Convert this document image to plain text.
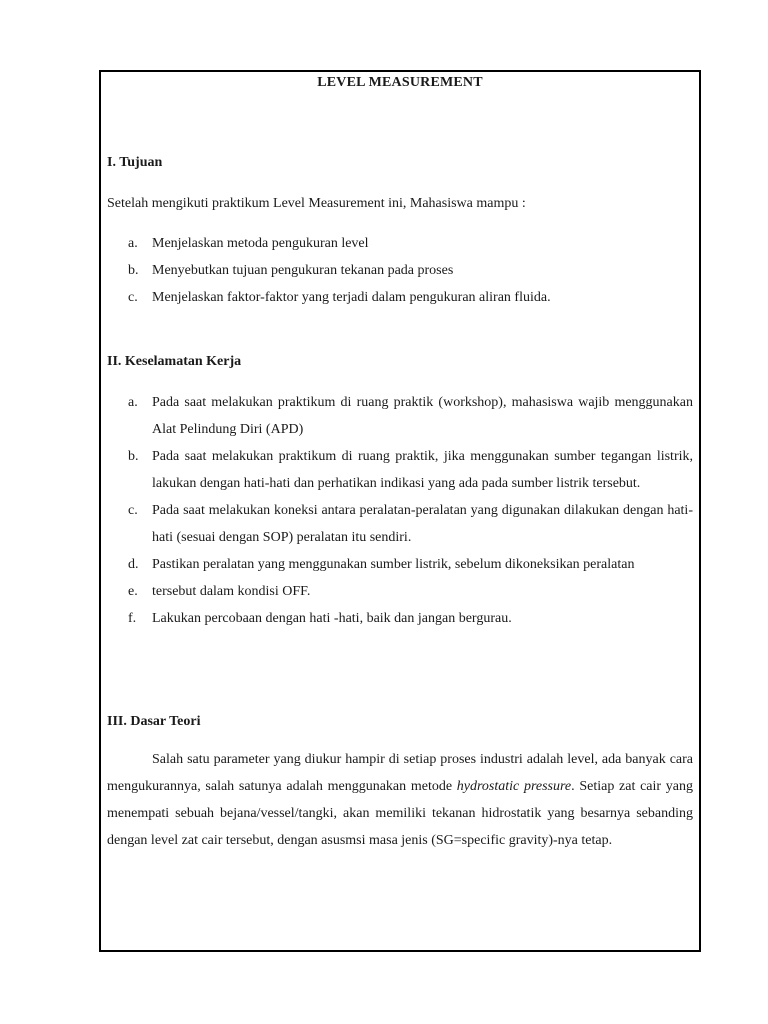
LEVEL MEASUREMENT
I. Tujuan
Setelah mengikuti praktikum Level Measurement ini, Mahasiswa mampu :
a. Menjelaskan metoda pengukuran level
b. Menyebutkan tujuan pengukuran tekanan pada proses
c. Menjelaskan faktor-faktor yang terjadi dalam pengukuran aliran fluida.
II. Keselamatan Kerja
a. Pada saat melakukan praktikum di ruang praktik (workshop), mahasiswa wajib menggunakan Alat Pelindung Diri (APD)
b. Pada saat melakukan praktikum di ruang praktik, jika menggunakan sumber tegangan listrik, lakukan dengan hati-hati dan perhatikan indikasi yang ada pada sumber listrik tersebut.
c. Pada saat melakukan koneksi antara peralatan-peralatan yang digunakan dilakukan dengan hati-hati (sesuai dengan SOP) peralatan itu sendiri.
d. Pastikan peralatan yang menggunakan sumber listrik, sebelum dikoneksikan peralatan
e. tersebut dalam kondisi OFF.
f. Lakukan percobaan dengan hati -hati, baik dan jangan bergurau.
III. Dasar Teori
Salah satu parameter yang diukur hampir di setiap proses industri adalah level, ada banyak cara mengukurannya, salah satunya adalah menggunakan metode hydrostatic pressure. Setiap zat cair yang menempati sebuah bejana/vessel/tangki, akan memiliki tekanan hidrostatik yang besarnya sebanding dengan level zat cair tersebut, dengan asusmsi masa jenis (SG=specific gravity)-nya tetap.
